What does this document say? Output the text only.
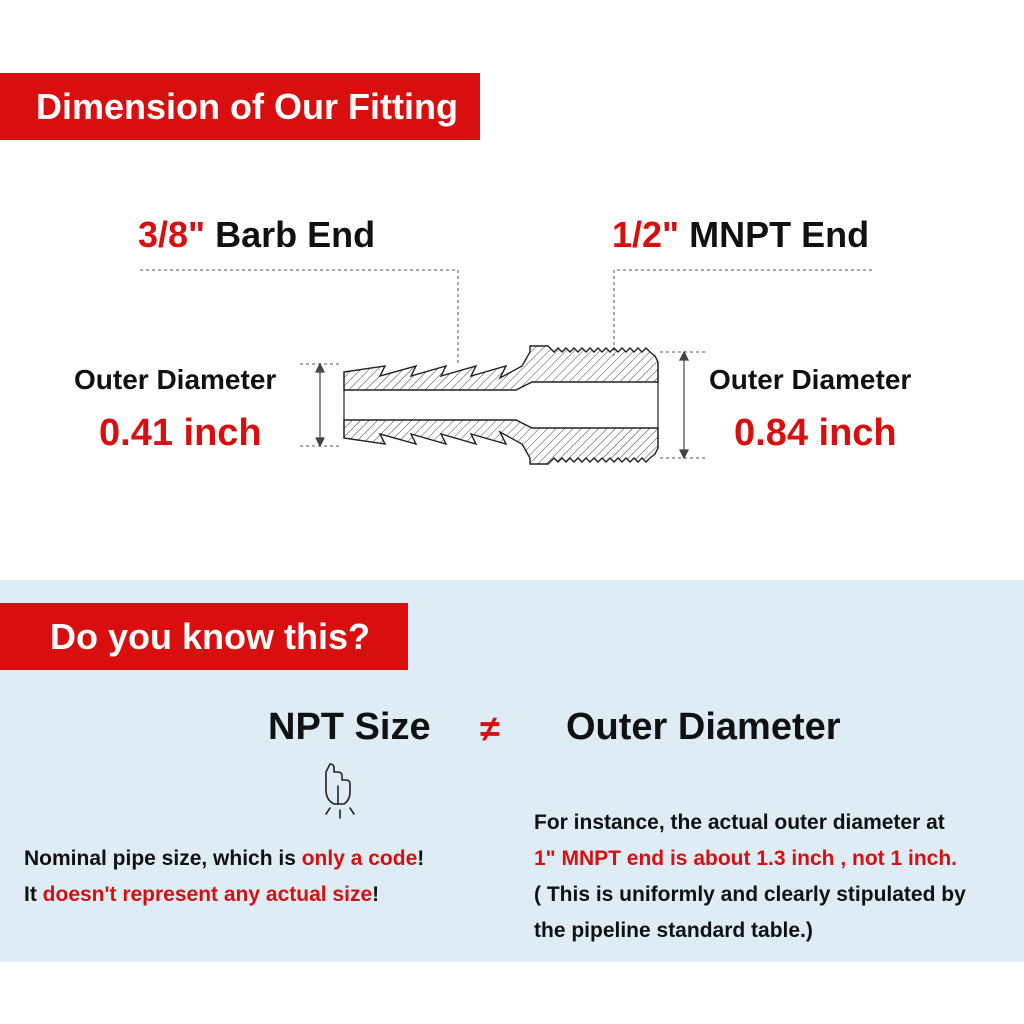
Dimension of Our Fitting
3/8" Barb End	1/2" MNPT End
Outer Diameter
0.41 inch
Outer Diameter
0.84 inch
Do you know this?
NPT Size ≠ Outer Diameter
Nominal pipe size, which is only a code!
It doesn't represent any actual size!
For instance, the actual outer diameter at
1" MNPT end is about 1.3 inch , not 1 inch.
( This is uniformly and clearly stipulated by
the pipeline standard table.)
